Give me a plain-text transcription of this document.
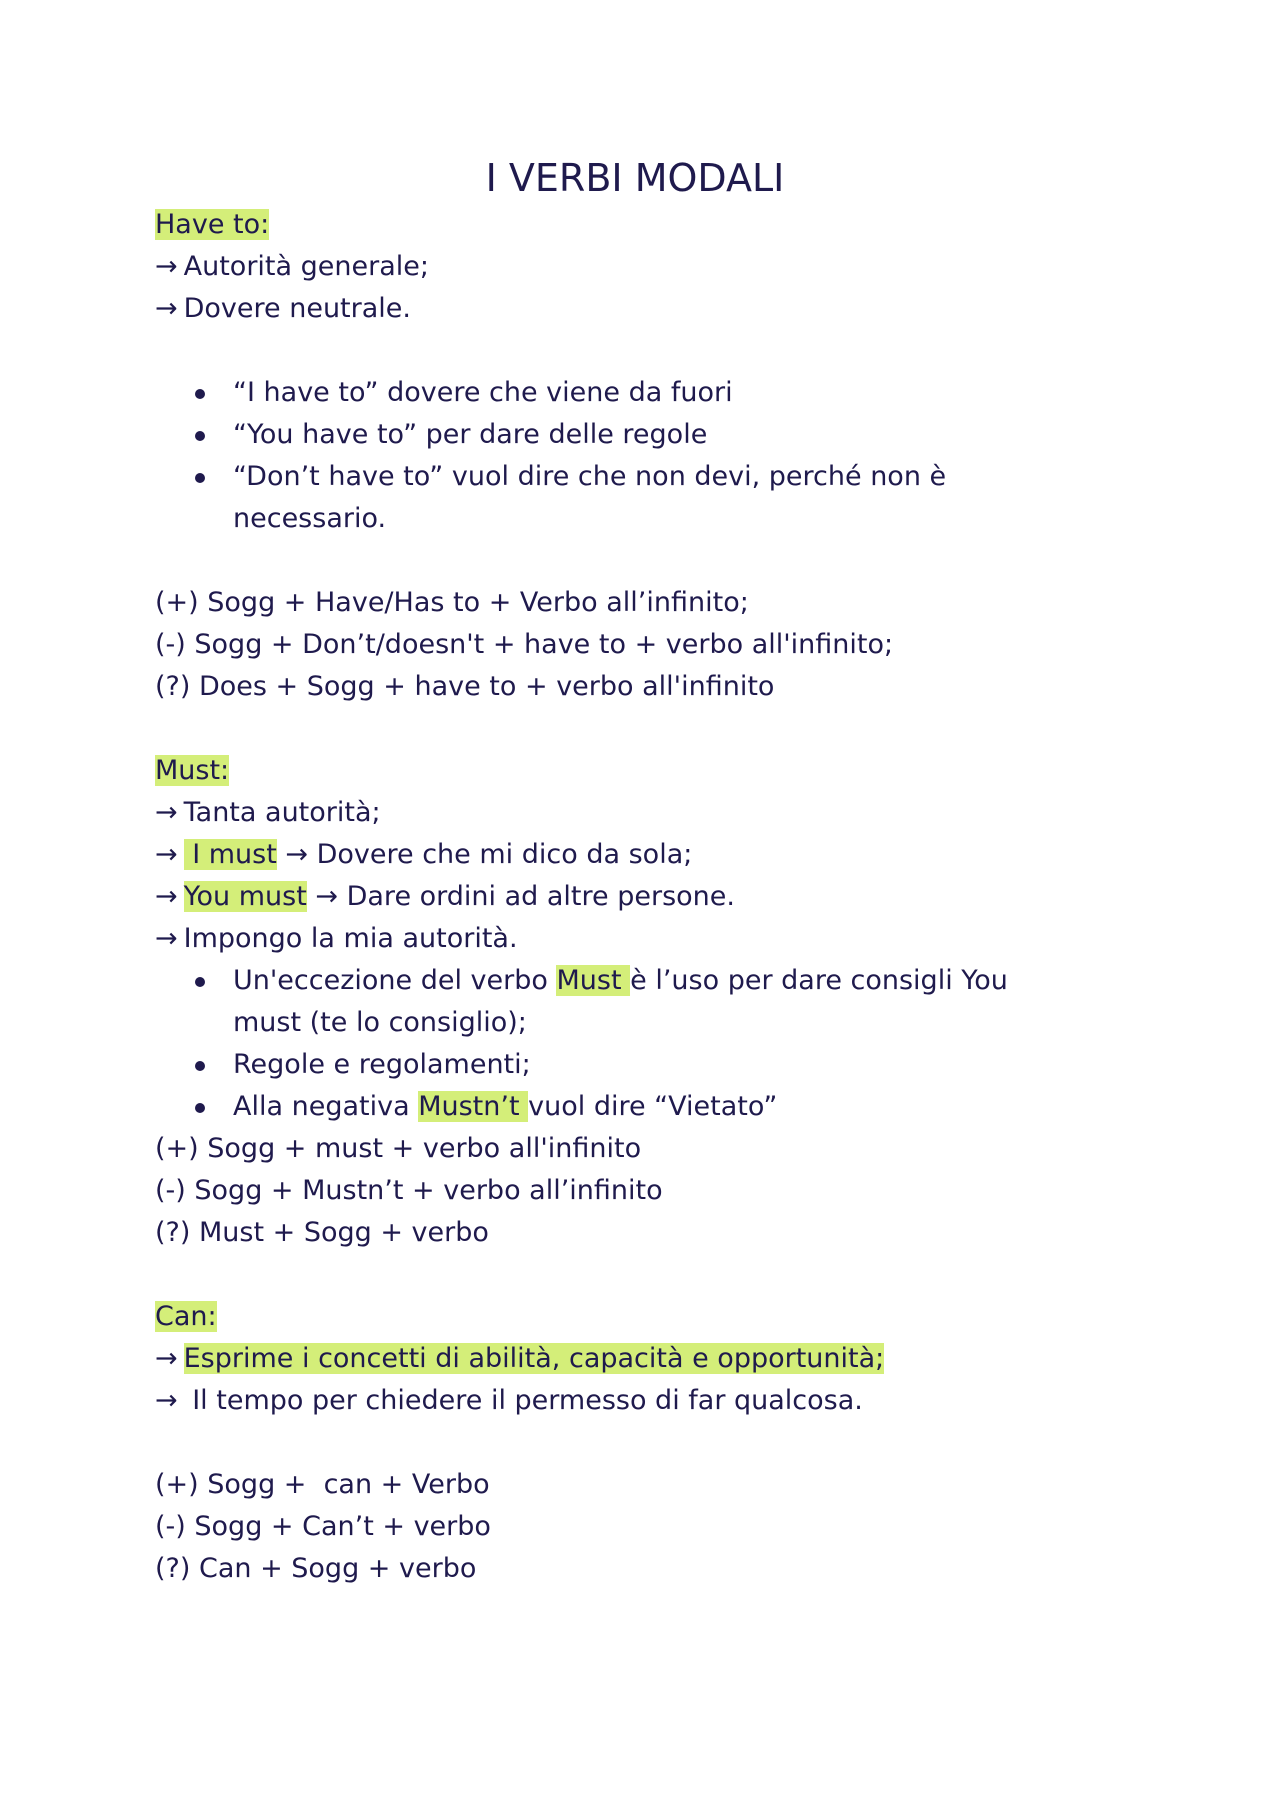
I VERBI MODALI

Have to:

→ Autorità generale;

→ Dovere neutrale.

“I have to” dovere che viene da fuori
“You have to” per dare delle regole
“Don’t have to” vuol dire che non devi, perché non è necessario.

(+) Sogg + Have/Has to + Verbo all’infinito;

(-) Sogg + Don’t/doesn't + have to + verbo all'infinito;

(?) Does + Sogg + have to + verbo all'infinito

Must:

→ Tanta autorità;

→ I must → Dovere che mi dico da sola;

→ You must → Dare ordini ad altre persone.

→ Impongo la mia autorità.

Un'eccezione del verbo Must è l’uso per dare consigli You must (te lo consiglio);
Regole e regolamenti;
Alla negativa Mustn’t vuol dire “Vietato”

(+) Sogg + must + verbo all'infinito

(-) Sogg + Mustn’t + verbo all’infinito

(?) Must + Sogg + verbo

Can:

→ Esprime i concetti di abilità, capacità e opportunità;

→ Il tempo per chiedere il permesso di far qualcosa.

(+) Sogg +  can + Verbo

(-) Sogg + Can’t + verbo

(?) Can + Sogg + verbo
